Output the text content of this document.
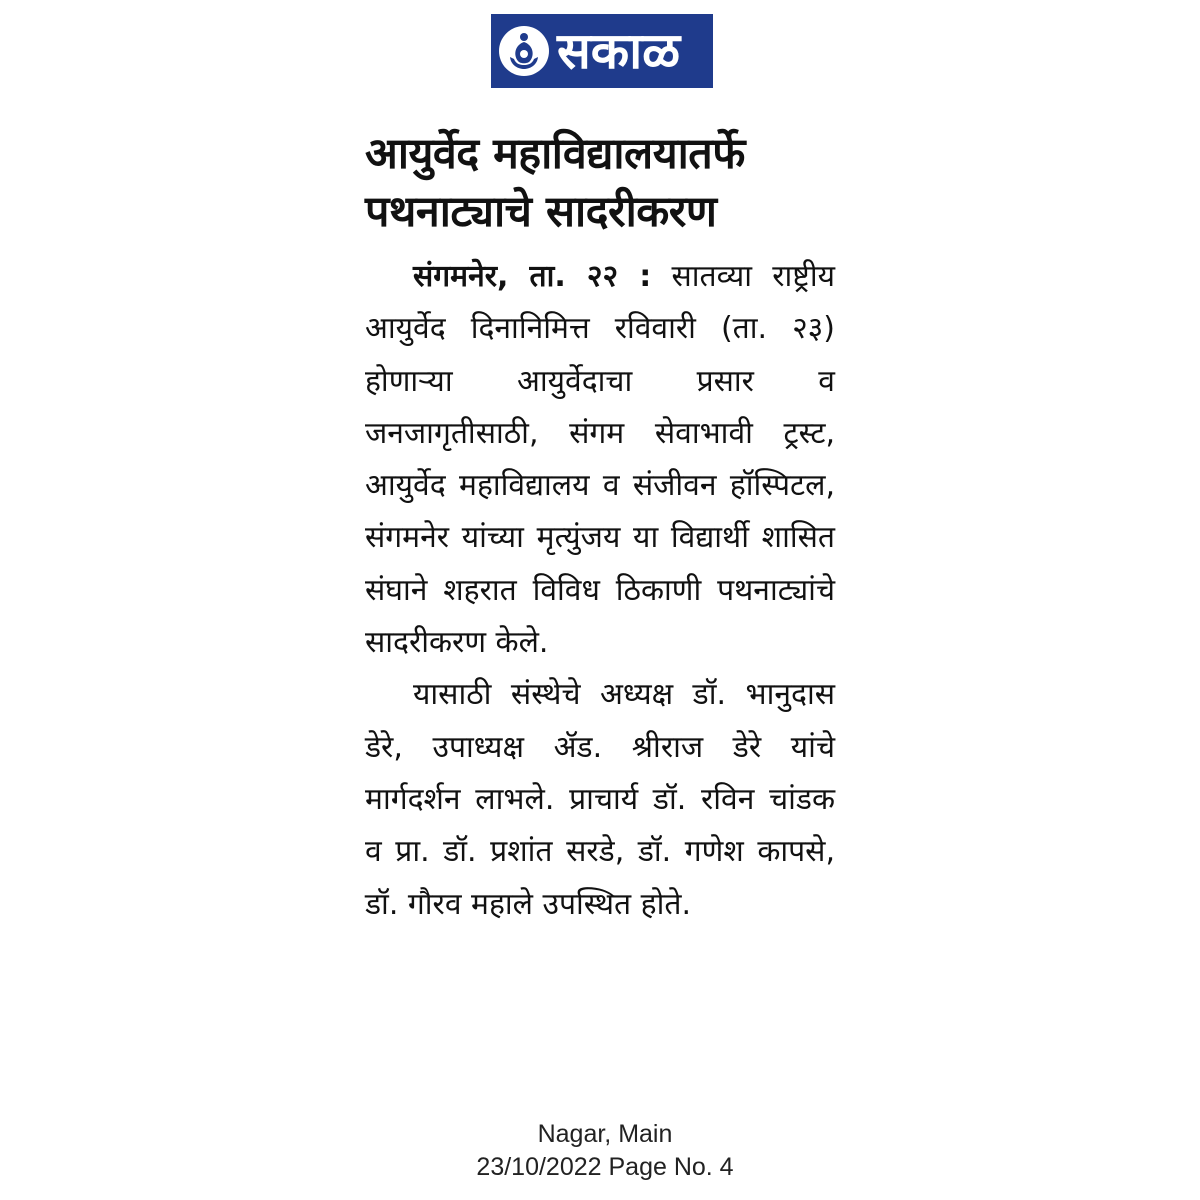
सकाळ
आयुर्वेद महाविद्यालयातर्फे
पथनाट्याचे सादरीकरण

संगमनेर, ता. २२ : सातव्या राष्ट्रीय आयुर्वेद दिनानिमित्त रविवारी (ता. २३) होणाऱ्या आयुर्वेदाचा प्रसार व जनजागृतीसाठी, संगम सेवाभावी ट्रस्ट, आयुर्वेद महाविद्यालय व संजीवन हॉस्पिटल, संगमनेर यांच्या मृत्युंजय या विद्यार्थी शासित संघाने शहरात विविध ठिकाणी पथनाट्यांचे सादरीकरण केले.

यासाठी संस्थेचे अध्यक्ष डॉ. भानुदास डेरे, उपाध्यक्ष ॲड. श्रीराज डेरे यांचे मार्गदर्शन लाभले. प्राचार्य डॉ. रविन चांडक व प्रा. डॉ. प्रशांत सरडे, डॉ. गणेश कापसे, डॉ. गौरव महाले उपस्थित होते.

Nagar, Main
23/10/2022 Page No. 4
